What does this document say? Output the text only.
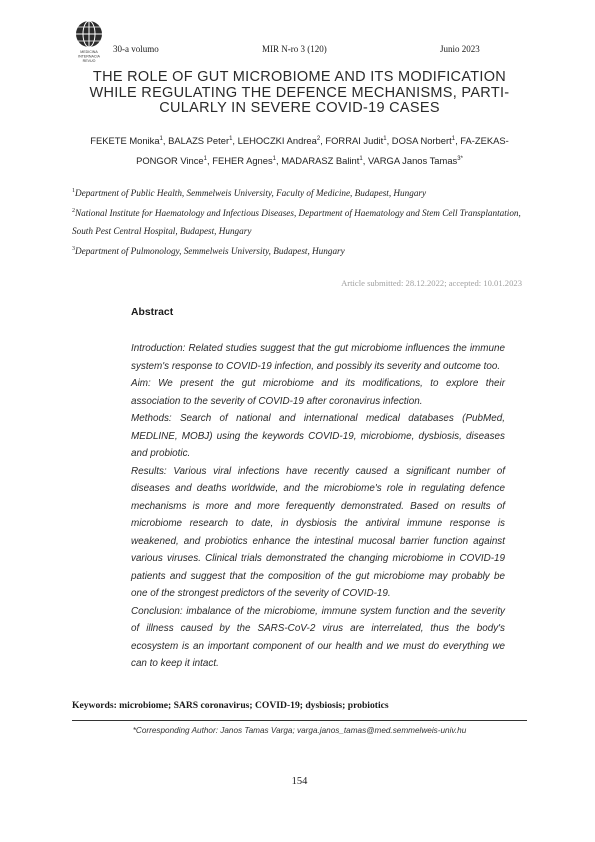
MEDICINA
INTERNACIA
REVUO
30-a volumo	MIR N-ro 3 (120)	Junio 2023
THE ROLE OF GUT MICROBIOME AND ITS MODIFICATION WHILE REGULATING THE DEFENCE MECHANISMS, PARTI-CULARLY IN SEVERE COVID-19 CASES
FEKETE Monika$^1$, BALAZS Peter$^1$, LEHOCZKI Andrea$^2$, FORRAI Judit$^1$, DOSA Norbert$^1$, FA-ZEKAS-PONGOR Vince$^1$, FEHER Agnes$^1$, MADARASZ Balint$^1$, VARGA Janos Tamas$^{3*}$
$^1$Department of Public Health, Semmelweis University, Faculty of Medicine, Budapest, Hungary
$^2$National Institute for Haematology and Infectious Diseases, Department of Haematology and Stem Cell Transplantation, South Pest Central Hospital, Budapest, Hungary
$^3$Department of Pulmonology, Semmelweis University, Budapest, Hungary
Article submitted: 28.12.2022; accepted: 10.01.2023
Abstract

Introduction: Related studies suggest that the gut microbiome influences the immune system's response to COVID-19 infection, and possibly its severity and outcome too.

Aim: We present the gut microbiome and its modifications, to explore their association to the severity of COVID-19 after coronavirus infection.

Methods: Search of national and international medical databases (PubMed, MEDLINE, MOBJ) using the keywords COVID-19, microbiome, dysbiosis, diseases and probiotic.

Results: Various viral infections have recently caused a significant number of diseases and deaths worldwide, and the microbiome's role in regulating defence mechanisms is more and more ferequently demonstrated. Based on results of microbiome research to date, in dysbiosis the antiviral immune response is weakened, and probiotics enhance the intestinal mucosal barrier function against various viruses. Clinical trials demonstrated the changing microbiome in COVID-19 patients and suggest that the composition of the gut microbiome may probably be one of the strongest predictors of the severity of COVID-19.

Conclusion: imbalance of the microbiome, immune system function and the severity of illness caused by the SARS-CoV-2 virus are interrelated, thus the body's ecosystem is an important component of our health and we must do everything we can to keep it intact.

Keywords: microbiome; SARS coronavirus; COVID-19; dysbiosis; probiotics
*Corresponding Author: Janos Tamas Varga; varga.janos_tamas@med.semmelweis-univ.hu
154
